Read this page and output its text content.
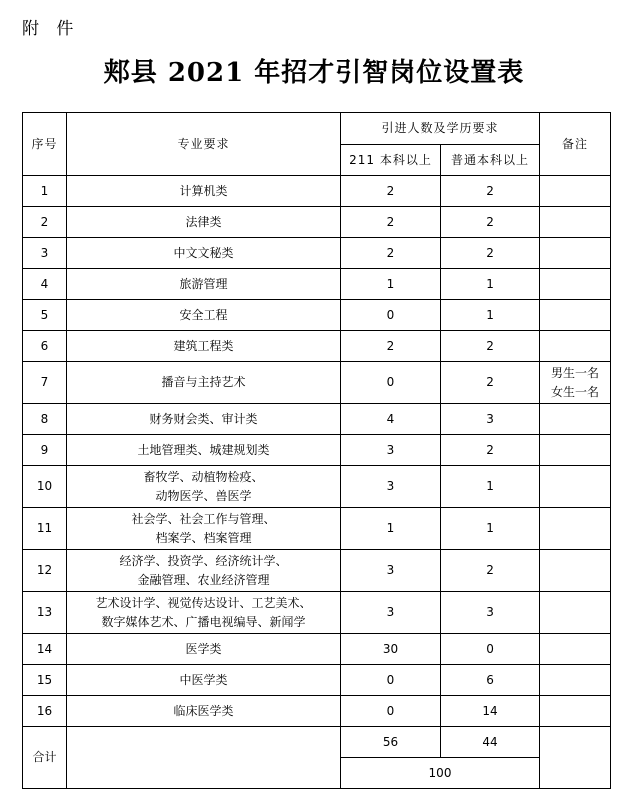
附 件
郏县 2021 年招才引智岗位设置表
序号	专业要求	引进人数及学历要求		备注
		211 本科以上	普通本科以上	
1	计算机类	2	2	
2	法律类	2	2	
3	中文文秘类	2	2	
4	旅游管理	1	1	
5	安全工程	0	1	
6	建筑工程类	2	2	
7	播音与主持艺术	0	2	男生一名
女生一名

8	财务财会类、审计类	4	3	
9	土地管理类、城建规划类	3	2	
10	畜牧学、动植物检疫、
动物医学、兽医学	3	1	
11	社会学、社会工作与管理、
档案学、档案管理	1	1	
12	经济学、投资学、经济统计学、
金融管理、农业经济管理	3	2	
13	艺术设计学、视觉传达设计、工艺美术、
数字媒体艺术、广播电视编导、新闻学	3	3	
14	医学类	30	0	
15	中医学类	0	6	
16	临床医学类	0	14	
合计		56	44	
		100		
